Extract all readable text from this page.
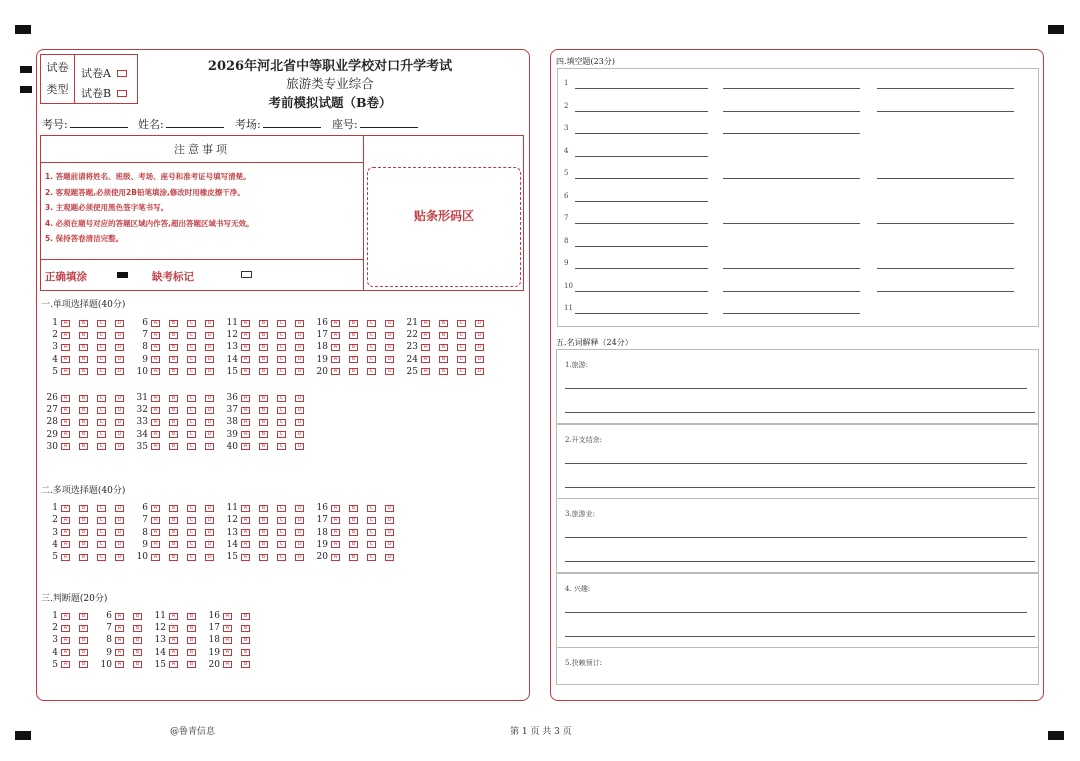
试卷
类型
试卷A
试卷B
2026年河北省中等职业学校对口升学考试
旅游类专业综合
考前模拟试题（B卷）
考号:	姓名:	考场:	座号:
注意事项
1. 答题前请将姓名、班级、考场、座号和准考证号填写清楚。
2. 客观题答题,必须使用2B铅笔填涂,修改时用橡皮擦干净。
3. 主观题必须使用黑色签字笔书写。
4. 必须在题号对应的答题区域内作答,超出答题区域书写无效。
5. 保持答卷清洁完整。
正确填涂	缺考标记
贴条形码区
一.单项选择题(40分)
1	A	B	C	D
2	A	B	C	D
3	A	B	C	D
4	A	B	C	D
5	A	B	C	D
6	A	B	C	D
7	A	B	C	D
8	A	B	C	D
9	A	B	C	D
10	A	B	C	D
11	A	B	C	D
12	A	B	C	D
13	A	B	C	D
14	A	B	C	D
15	A	B	C	D
16	A	B	C	D
17	A	B	C	D
18	A	B	C	D
19	A	B	C	D
20	A	B	C	D
21	A	B	C	D
22	A	B	C	D
23	A	B	C	D
24	A	B	C	D
25	A	B	C	D
26	A	B	C	D
27	A	B	C	D
28	A	B	C	D
29	A	B	C	D
30	A	B	C	D
31	A	B	C	D
32	A	B	C	D
33	A	B	C	D
34	A	B	C	D
35	A	B	C	D
36	A	B	C	D
37	A	B	C	D
38	A	B	C	D
39	A	B	C	D
40	A	B	C	D
二.多项选择题(40分)
1	A	B	C	D
2	A	B	C	D
3	A	B	C	D
4	A	B	C	D
5	A	B	C	D
6	A	B	C	D
7	A	B	C	D
8	A	B	C	D
9	A	B	C	D
10	A	B	C	D
11	A	B	C	D
12	A	B	C	D
13	A	B	C	D
14	A	B	C	D
15	A	B	C	D
16	A	B	C	D
17	A	B	C	D
18	A	B	C	D
19	A	B	C	D
20	A	B	C	D
三.判断题(20分)
1	A	B
2	A	B
3	A	B
4	A	B
5	A	B
6	A	B
7	A	B
8	A	B
9	A	B
10	A	B
11	A	B
12	A	B
13	A	B
14	A	B
15	A	B
16	A	B
17	A	B
18	A	B
19	A	B
20	A	B
四.填空题(23分)
1
2
3
4
5
6
7
8
9
10
11
五.名词解释（24分）
1.旅游:
2.开支结余:
3.旅游业:
4. 兴趣:
5.抉赖预订:
@鲁青信息	第 1 页 共 3 页
